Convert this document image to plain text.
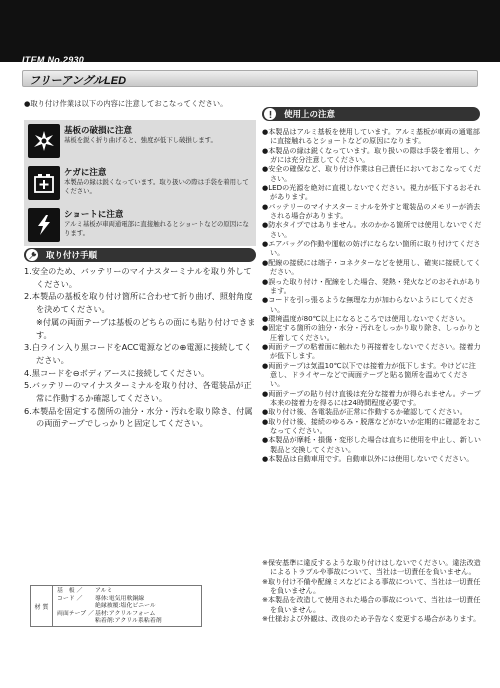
ITEM No.2930
フリーアングルLED
●取り付け作業は以下の内容に注意しておこなってください。
基板の破損に注意
基板を鋭く折り曲げると、強度が低下し破損します。
ケガに注意
本製品の縁は鋭くなっています。取り扱いの際は手袋を着用してください。
ショートに注意
アルミ基板が車両通電部に直接触れるとショートなどの原因になります。
取り付け手順
1.安全のため、バッテリーのマイナスターミナルを取り外してください。
2.本製品の基板を取り付け箇所に合わせて折り曲げ、照射角度を決めてください。
※付属の両面テープは基板のどちらの面にも貼り付けできます。
3.白ライン入り黒コードをACC電源などの⊕電源に接続してください。
4.黒コードを⊖ボディアースに接続してください。
5.バッテリーのマイナスターミナルを取り付け、各電装品が正常に作動するか確認してください。
6.本製品を固定する箇所の油分・水分・汚れを取り除き、付属の両面テープでしっかりと固定してください。
使用上の注意
●本製品はアルミ基板を使用しています。アルミ基板が車両の通電部に直接触れるとショートなどの原因になります。
●本製品の縁は鋭くなっています。取り扱いの際は手袋を着用し、ケガには充分注意してください。
●安全の確保など、取り付け作業は自己責任においておこなってください。
●LEDの光源を絶対に直視しないでください。視力が低下するおそれがあります。
●バッテリーのマイナスターミナルを外すと電装品のメモリーが消去される場合があります。
●防水タイプではありません。水のかかる箇所では使用しないでください。
●エアバッグの作動や運転の妨げにならない箇所に取り付けてください。
●配線の接続には端子・コネクターなどを使用し、確実に接続してください。
●誤った取り付け・配線をした場合、発熱・発火などのおそれがあります。
●コードを引っ張るような無理な力が加わらないようにしてください。
●環境温度が80℃以上になるところでは使用しないでください。
●固定する箇所の油分・水分・汚れをしっかり取り除き、しっかりと圧着してください。
●両面テープの粘着面に触れたり再接着をしないでください。接着力が低下します。
●両面テープは気温10℃以下では接着力が低下します。やけどに注意し、ドライヤーなどで両面テープと貼る箇所を温めてください。
●両面テープの貼り付け直後は充分な接着力が得られません。テープ本来の接着力を得るには24時間程度必要です。
●取り付け後、各電装品が正常に作動するか確認してください。
●取り付け後、接続のゆるみ・脱落などがないか定期的に確認をおこなってください。
●本製品が摩耗・損傷・変形した場合は直ちに使用を中止し、新しい製品と交換してください。
●本製品は自動車用です。自動車以外には使用しないでください。
※保安基準に違反するような取り付けはしないでください。違法改造によるトラブルや事故について、当社は一切責任を負いません。
※取り付け不備や配線ミスなどによる事故について、当社は一切責任を負いません。
※本製品を改造して使用された場合の事故について、当社は一切責任を負いません。
※仕様および外観は、改良のため予告なく変更する場合があります。
材 質
基　板 ／	アルミ
コード ／	導体:電気用軟銅線
絶縁被覆:塩化ビニール
両面テープ ／ 基材:アクリルフォーム
粘着剤:アクリル系粘着剤
